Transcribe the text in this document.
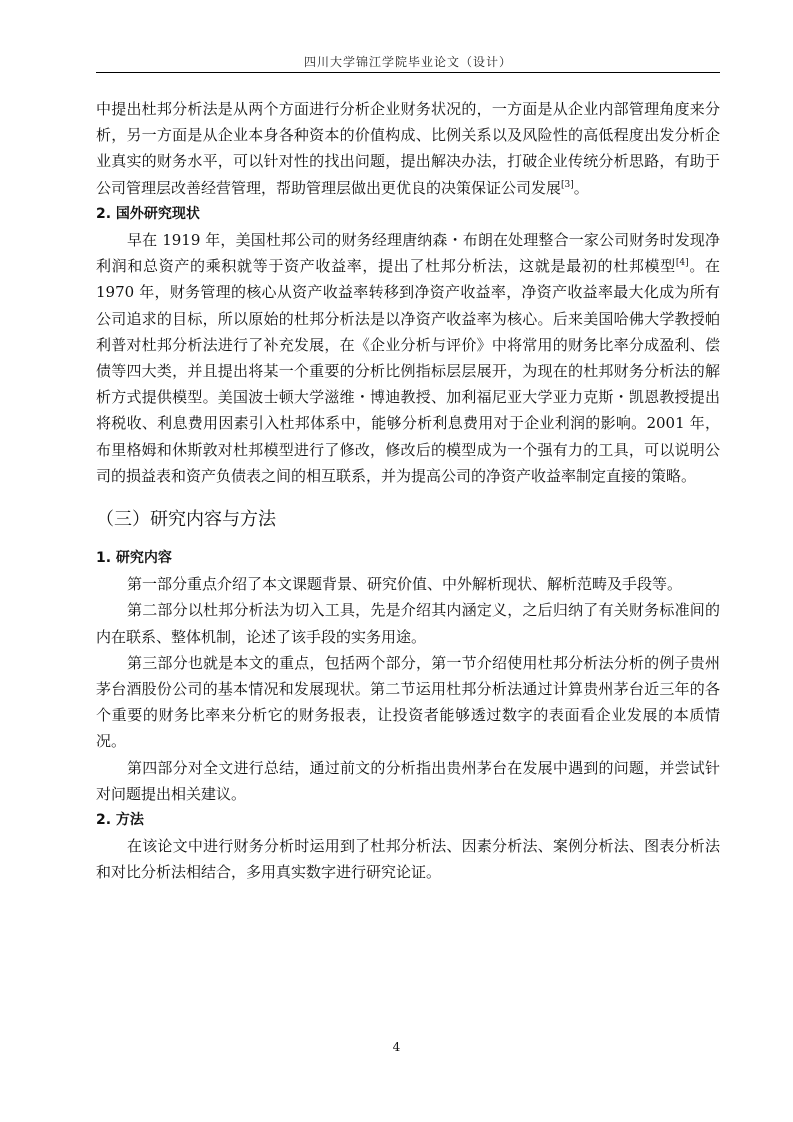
四川大学锦江学院毕业论文（设计）

中提出杜邦分析法是从两个方面进行分析企业财务状况的，一方面是从企业内部管理角度来分析，另一方面是从企业本身各种资本的价值构成、比例关系以及风险性的高低程度出发分析企业真实的财务水平，可以针对性的找出问题，提出解决办法，打破企业传统分析思路，有助于公司管理层改善经营管理，帮助管理层做出更优良的决策保证公司发展[3]。

2. 国外研究现状

早在 1919 年，美国杜邦公司的财务经理唐纳森・布朗在处理整合一家公司财务时发现净利润和总资产的乘积就等于资产收益率，提出了杜邦分析法，这就是最初的杜邦模型[4]。在 1970 年，财务管理的核心从资产收益率转移到净资产收益率，净资产收益率最大化成为所有公司追求的目标，所以原始的杜邦分析法是以净资产收益率为核心。后来美国哈佛大学教授帕利普对杜邦分析法进行了补充发展，在《企业分析与评价》中将常用的财务比率分成盈利、偿债等四大类，并且提出将某一个重要的分析比例指标层层展开，为现在的杜邦财务分析法的解析方式提供模型。美国波士顿大学滋维・博迪教授、加利福尼亚大学亚力克斯・凯恩教授提出将税收、利息费用因素引入杜邦体系中，能够分析利息费用对于企业利润的影响。2001 年，布里格姆和休斯敦对杜邦模型进行了修改，修改后的模型成为一个强有力的工具，可以说明公司的损益表和资产负债表之间的相互联系，并为提高公司的净资产收益率制定直接的策略。

（三）研究内容与方法

1. 研究内容

第一部分重点介绍了本文课题背景、研究价值、中外解析现状、解析范畴及手段等。

第二部分以杜邦分析法为切入工具，先是介绍其内涵定义，之后归纳了有关财务标准间的内在联系、整体机制，论述了该手段的实务用途。

第三部分也就是本文的重点，包括两个部分，第一节介绍使用杜邦分析法分析的例子贵州茅台酒股份公司的基本情况和发展现状。第二节运用杜邦分析法通过计算贵州茅台近三年的各个重要的财务比率来分析它的财务报表，让投资者能够透过数字的表面看企业发展的本质情况。

第四部分对全文进行总结，通过前文的分析指出贵州茅台在发展中遇到的问题，并尝试针对问题提出相关建议。

2. 方法

在该论文中进行财务分析时运用到了杜邦分析法、因素分析法、案例分析法、图表分析法和对比分析法相结合，多用真实数字进行研究论证。

4
